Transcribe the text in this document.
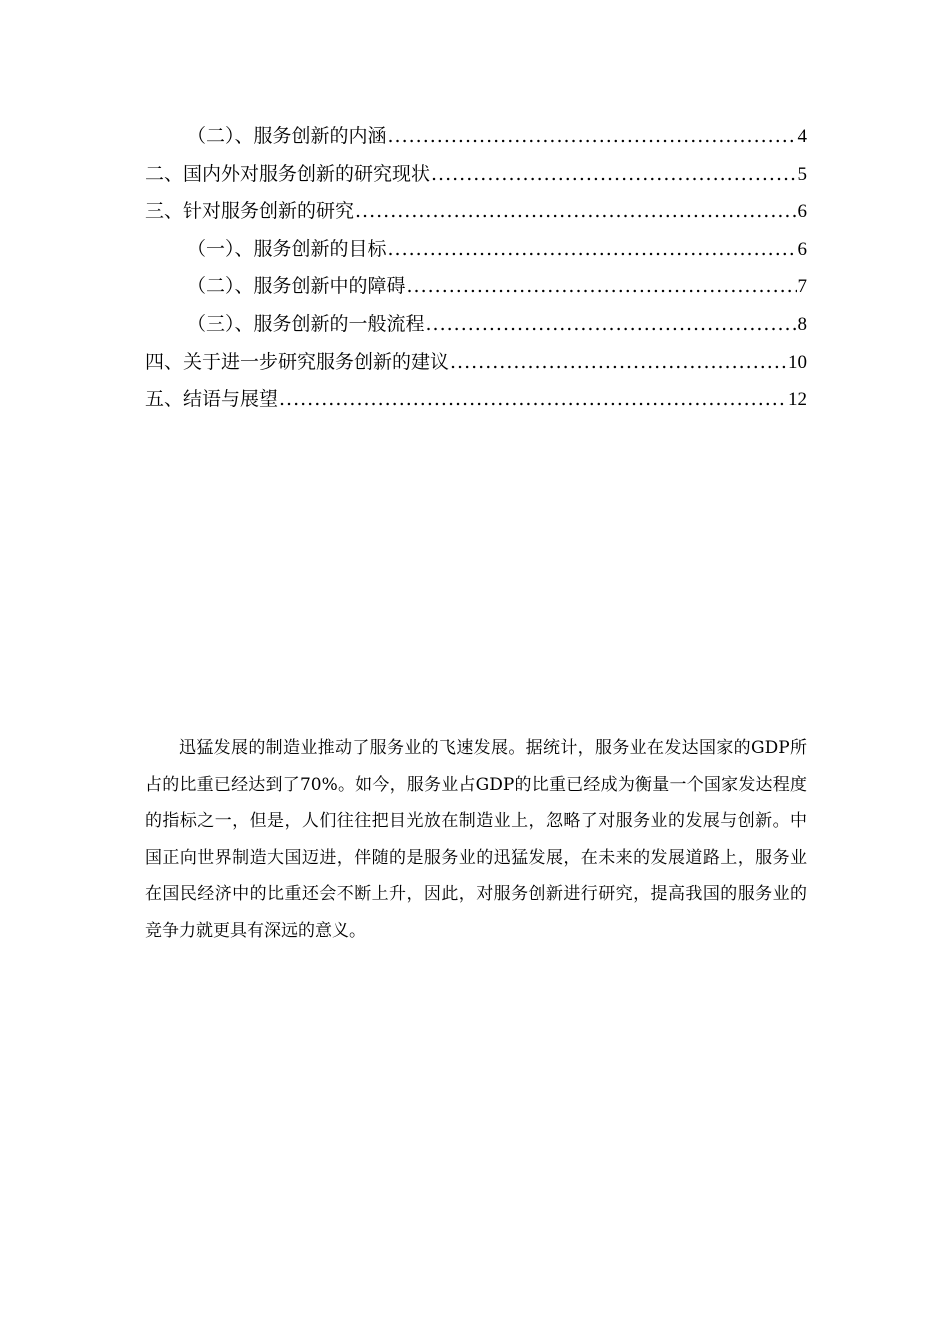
（二）、服务创新的内涵 .....	4
二、国内外对服务创新的研究现状 .....	5
三、针对服务创新的研究 .....	6
（一）、服务创新的目标 .....	6
（二）、服务创新中的障碍 .....	7
（三）、服务创新的一般流程 .....	8
四、关于进一步研究服务创新的建议 .....	10
五、结语与展望 .....	12

迅猛发展的制造业推动了服务业的飞速发展。据统计，服务业在发达国家的GDP所占的比重已经达到了70%。如今，服务业占GDP的比重已经成为衡量一个国家发达程度的指标之一，但是，人们往往把目光放在制造业上，忽略了对服务业的发展与创新。中国正向世界制造大国迈进，伴随的是服务业的迅猛发展，在未来的发展道路上，服务业在国民经济中的比重还会不断上升，因此，对服务创新进行研究，提高我国的服务业的竞争力就更具有深远的意义。
